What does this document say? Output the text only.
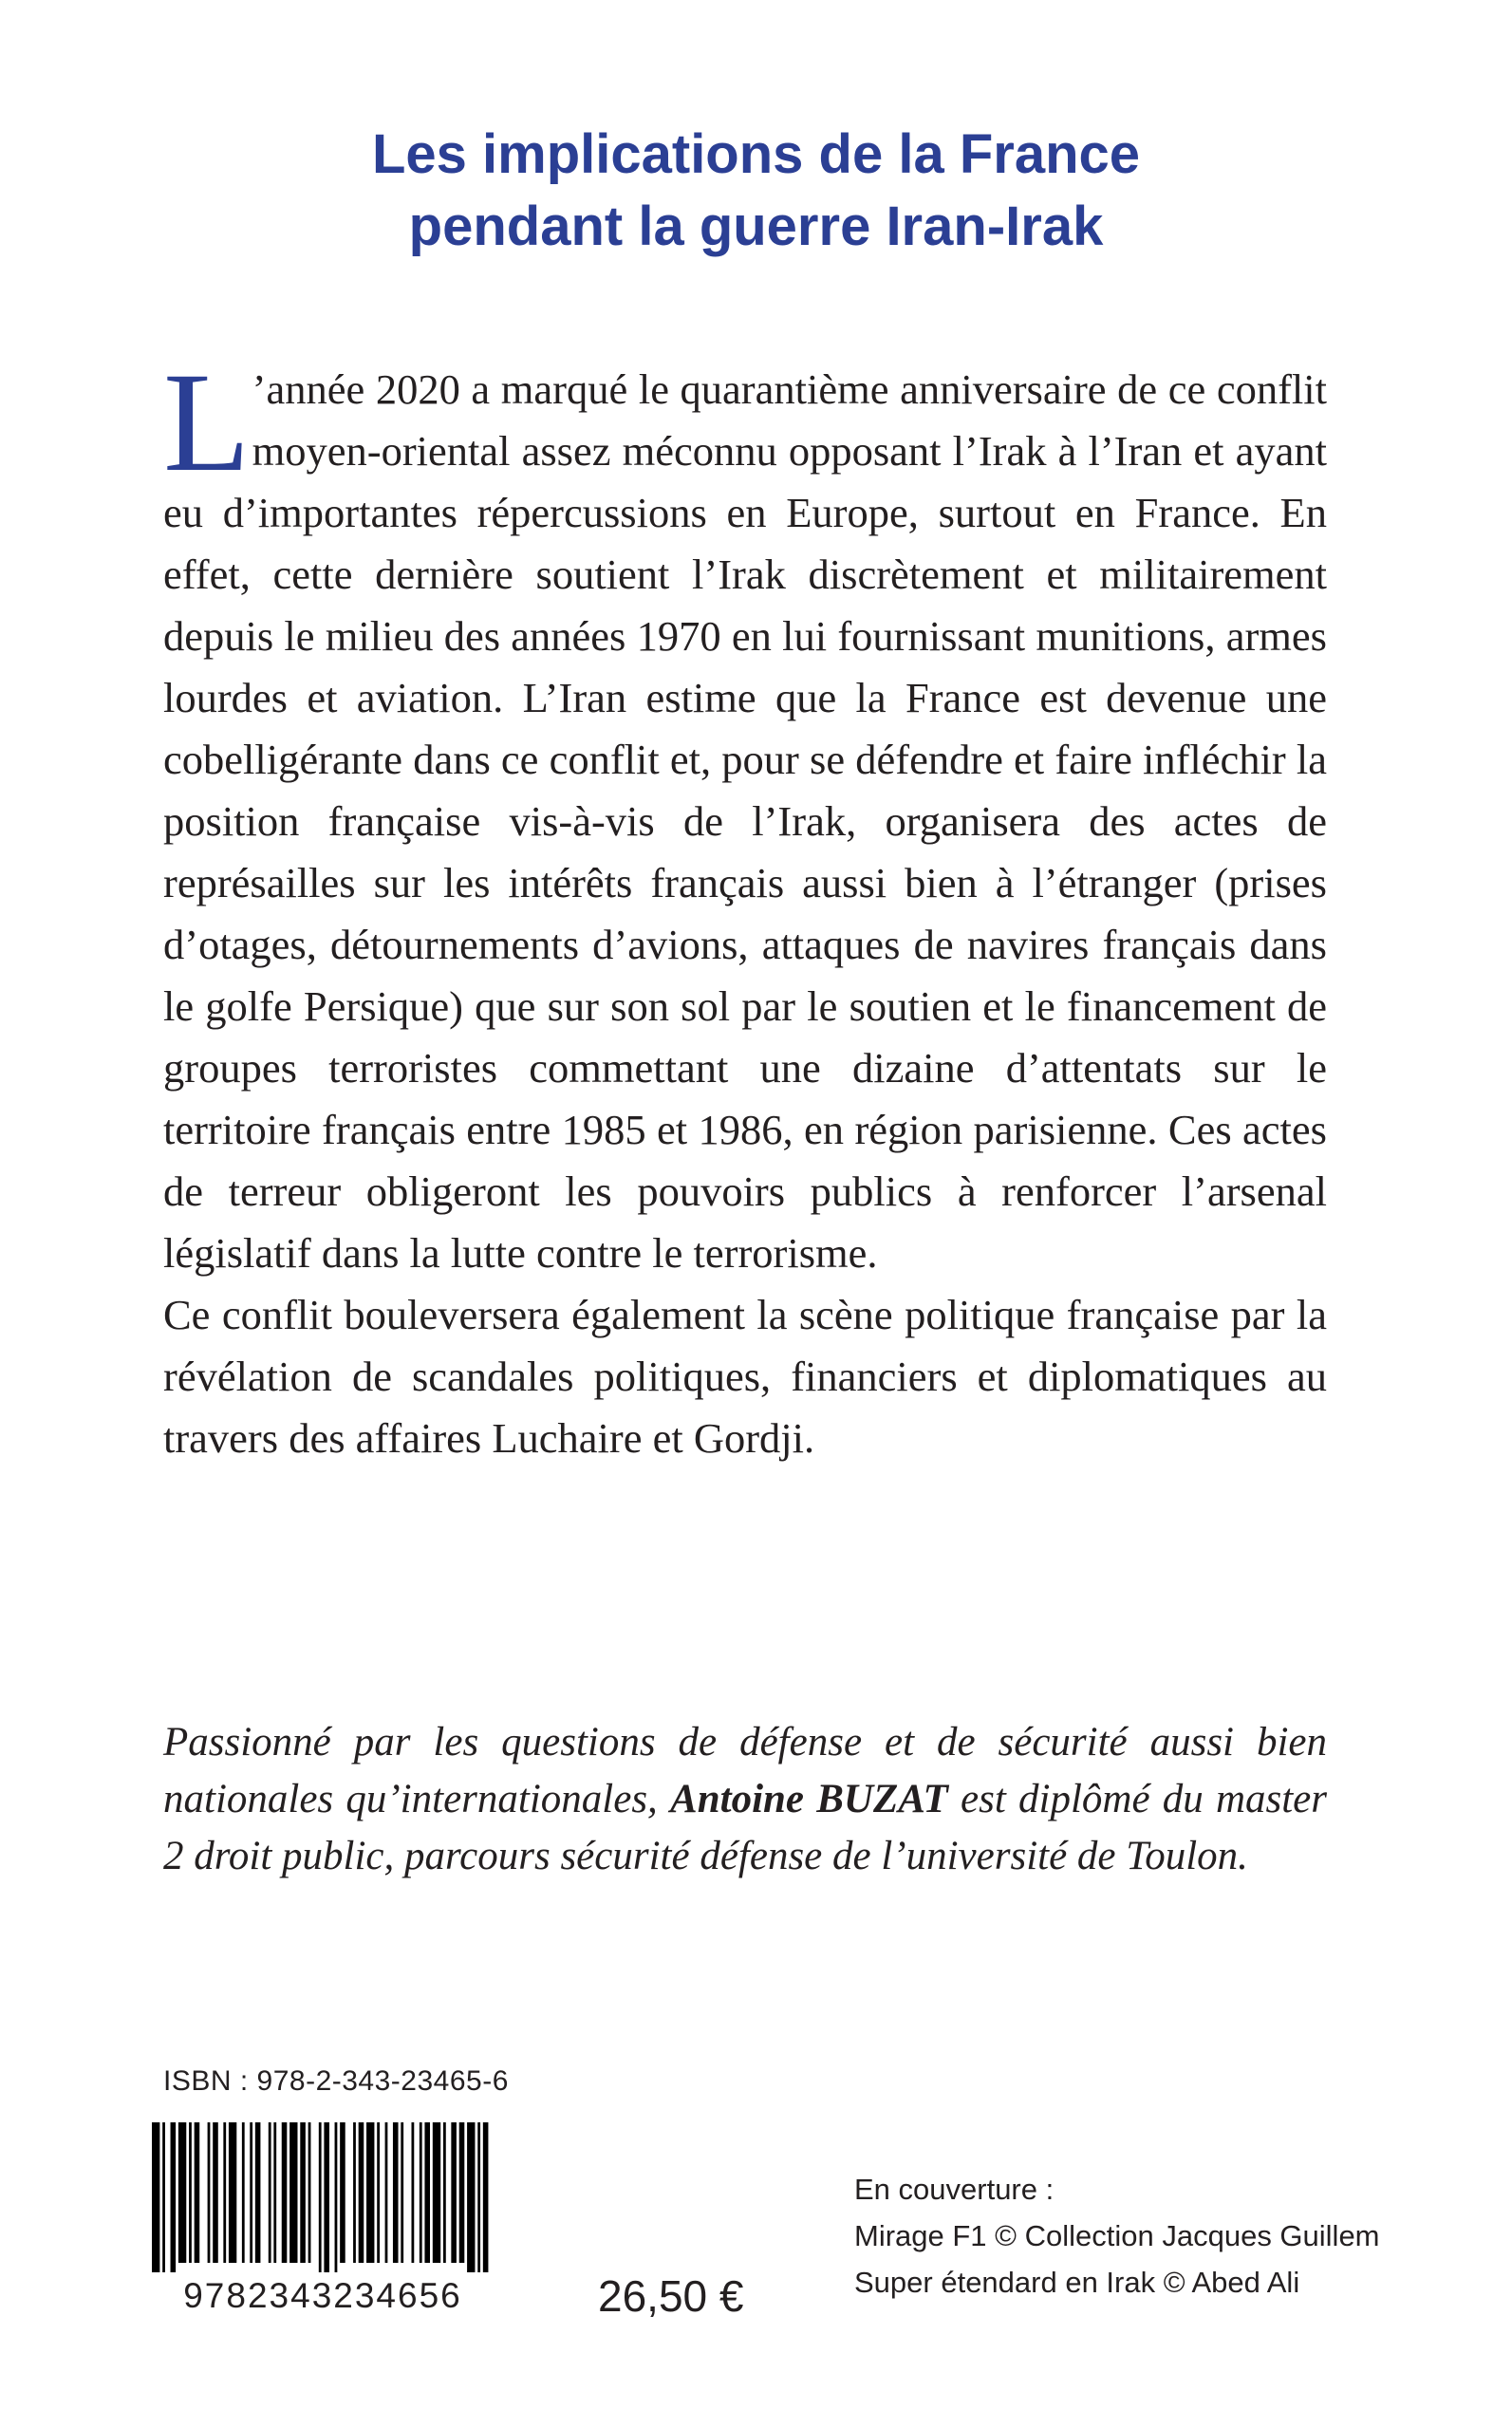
Les implications de la France
pendant la guerre Iran-Irak

L ’année 2020 a marqué le quarantième anniversaire de ce conflit moyen-oriental assez méconnu opposant l’Irak à l’Iran et ayant eu d’importantes répercussions en Europe, surtout en France. En effet, cette dernière soutient l’Irak discrètement et militairement depuis le milieu des années 1970 en lui fournissant munitions, armes lourdes et aviation. L’Iran estime que la France est devenue une cobelligérante dans ce conflit et, pour se défendre et faire infléchir la position française vis-à-vis de l’Irak, organisera des actes de représailles sur les intérêts français aussi bien à l’étranger (prises d’otages, détournements d’avions, attaques de navires français dans le golfe Persique) que sur son sol par le soutien et le financement de groupes terroristes commettant une dizaine d’attentats sur le territoire français entre 1985 et 1986, en région parisienne. Ces actes de terreur obligeront les pouvoirs publics à renforcer l’arsenal législatif dans la lutte contre le terrorisme.

Ce conflit bouleversera également la scène politique française par la révélation de scandales politiques, financiers et diplomatiques au travers des affaires Luchaire et Gordji.

Passionné par les questions de défense et de sécurité aussi bien nationales qu’internationales, Antoine BUZAT est diplômé du master 2 droit public, parcours sécurité défense de l’université de Toulon.

ISBN : 978-2-343-23465-6
9782343234656	26,50 €
En couverture :
Mirage F1 © Collection Jacques Guillem
Super étendard en Irak © Abed Ali
